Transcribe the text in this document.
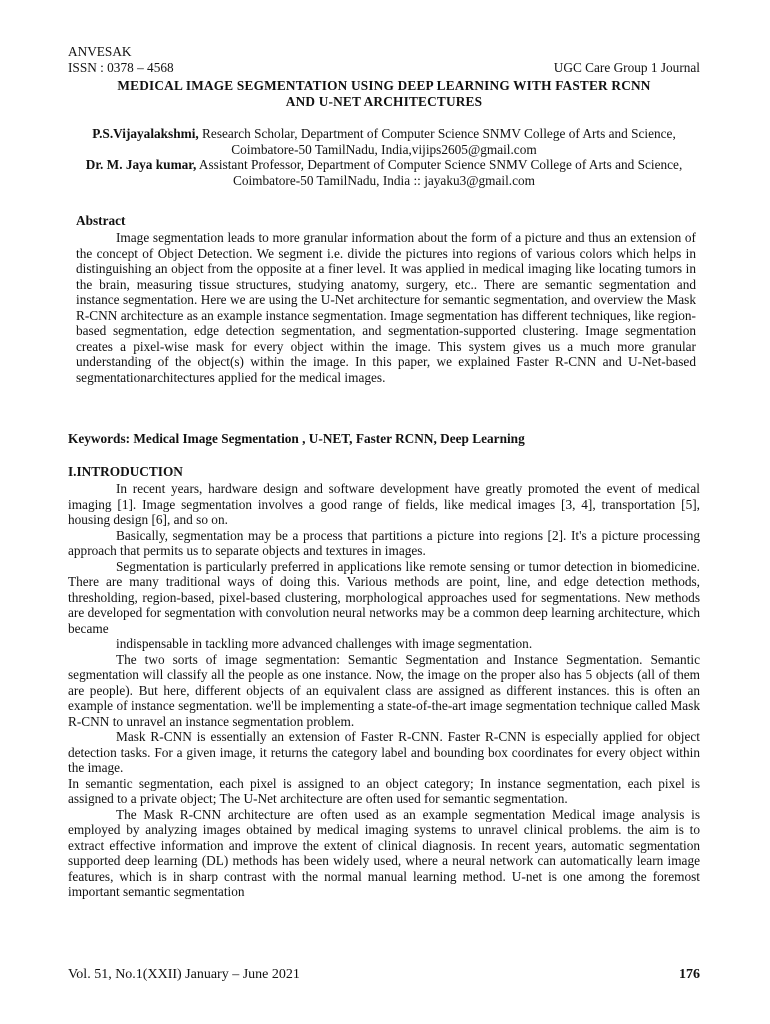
ANVESAK
ISSN : 0378 – 4568	UGC Care Group 1 Journal
MEDICAL IMAGE SEGMENTATION USING DEEP LEARNING WITH FASTER RCNN
AND U-NET ARCHITECTURES
P.S.Vijayalakshmi, Research Scholar, Department of Computer Science SNMV College of Arts and Science, Coimbatore-50 TamilNadu, India,vijips2605@gmail.com
Dr. M. Jaya kumar, Assistant Professor, Department of Computer Science SNMV College of Arts and Science, Coimbatore-50 TamilNadu, India :: jayaku3@gmail.com
Abstract
Image segmentation leads to more granular information about the form of a picture and thus an extension of the concept of Object Detection. We segment i.e. divide the pictures into regions of various colors which helps in distinguishing an object from the opposite at a finer level. It was applied in medical imaging like locating tumors in the brain, measuring tissue structures, studying anatomy, surgery, etc.. There are semantic segmentation and instance segmentation. Here we are using the U-Net architecture for semantic segmentation, and overview the Mask R-CNN architecture as an example instance segmentation. Image segmentation has different techniques, like region-based segmentation, edge detection segmentation, and segmentation-supported clustering. Image segmentation creates a pixel-wise mask for every object within the image. This system gives us a much more granular understanding of the object(s) within the image. In this paper, we explained Faster R-CNN and U-Net-based segmentationarchitectures applied for the medical images.
Keywords: Medical Image Segmentation , U-NET, Faster RCNN, Deep Learning
I.INTRODUCTION

In recent years, hardware design and software development have greatly promoted the event of medical imaging [1]. Image segmentation involves a good range of fields, like medical images [3, 4], transportation [5], housing design [6], and so on.

Basically, segmentation may be a process that partitions a picture into regions [2]. It's a picture processing approach that permits us to separate objects and textures in images.

Segmentation is particularly preferred in applications like remote sensing or tumor detection in biomedicine. There are many traditional ways of doing this. Various methods are point, line, and edge detection methods, thresholding, region-based, pixel-based clustering, morphological approaches used for segmentations. New methods are developed for segmentation with convolution neural networks may be a common deep learning architecture, which became

indispensable in tackling more advanced challenges with image segmentation.

The two sorts of image segmentation: Semantic Segmentation and Instance Segmentation. Semantic segmentation will classify all the people as one instance. Now, the image on the proper also has 5 objects (all of them are people). But here, different objects of an equivalent class are assigned as different instances. this is often an example of instance segmentation. we'll be implementing a state-of-the-art image segmentation technique called Mask R-CNN to unravel an instance segmentation problem.

Mask R-CNN is essentially an extension of Faster R-CNN. Faster R-CNN is especially applied for object detection tasks. For a given image, it returns the category label and bounding box coordinates for every object within the image.

In semantic segmentation, each pixel is assigned to an object category; In instance segmentation, each pixel is assigned to a private object; The U-Net architecture are often used for semantic segmentation.

The Mask R-CNN architecture are often used as an example segmentation Medical image analysis is employed by analyzing images obtained by medical imaging systems to unravel clinical problems. the aim is to extract effective information and improve the extent of clinical diagnosis. In recent years, automatic segmentation supported deep learning (DL) methods has been widely used, where a neural network can automatically learn image features, which is in sharp contrast with the normal manual learning method. U-net is one among the foremost important semantic segmentation

Vol. 51, No.1(XXII) January – June 2021	176
